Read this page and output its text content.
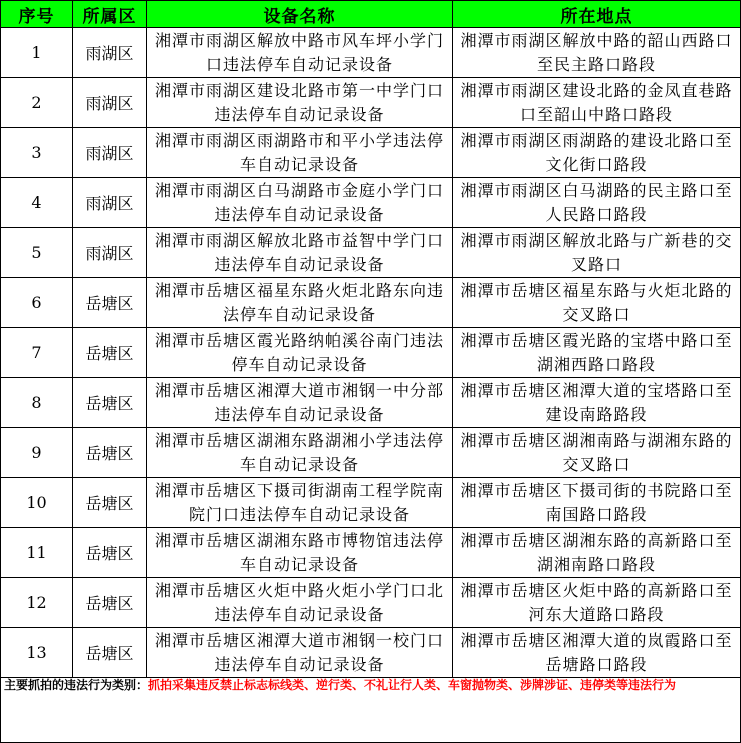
序号	所属区	设备名称	所在地点
1	雨湖区	湘潭市雨湖区解放中路市风车坪小学门口违法停车自动记录设备	湘潭市雨湖区解放中路的韶山西路口至民主路口路段
2	雨湖区	湘潭市雨湖区建设北路市第一中学门口违法停车自动记录设备	湘潭市雨湖区建设北路的金凤直巷路口至韶山中路口路段
3	雨湖区	湘潭市雨湖区雨湖路市和平小学违法停车自动记录设备	湘潭市雨湖区雨湖路的建设北路口至文化街口路段
4	雨湖区	湘潭市雨湖区白马湖路市金庭小学门口违法停车自动记录设备	湘潭市雨湖区白马湖路的民主路口至人民路口路段
5	雨湖区	湘潭市雨湖区解放北路市益智中学门口违法停车自动记录设备	湘潭市雨湖区解放北路与广新巷的交叉路口
6	岳塘区	湘潭市岳塘区福星东路火炬北路东向违法停车自动记录设备	湘潭市岳塘区福星东路与火炬北路的交叉路口
7	岳塘区	湘潭市岳塘区霞光路纳帕溪谷南门违法停车自动记录设备	湘潭市岳塘区霞光路的宝塔中路口至湖湘西路口路段
8	岳塘区	湘潭市岳塘区湘潭大道市湘钢一中分部违法停车自动记录设备	湘潭市岳塘区湘潭大道的宝塔路口至建设南路路段
9	岳塘区	湘潭市岳塘区湖湘东路湖湘小学违法停车自动记录设备	湘潭市岳塘区湖湘南路与湖湘东路的交叉路口
10	岳塘区	湘潭市岳塘区下摄司街湖南工程学院南院门口违法停车自动记录设备	湘潭市岳塘区下摄司街的书院路口至南国路口路段
11	岳塘区	湘潭市岳塘区湖湘东路市博物馆违法停车自动记录设备	湘潭市岳塘区湖湘东路的高新路口至湖湘南路口路段
12	岳塘区	湘潭市岳塘区火炬中路火炬小学门口北违法停车自动记录设备	湘潭市岳塘区火炬中路的高新路口至河东大道路口路段
13	岳塘区	湘潭市岳塘区湘潭大道市湘钢一校门口违法停车自动记录设备	湘潭市岳塘区湘潭大道的岚霞路口至岳塘路口路段
主要抓拍的违法行为类别：抓拍采集违反禁止标志标线类、逆行类、不礼让行人类、车窗抛物类、涉牌涉证、违停类等违法行为
